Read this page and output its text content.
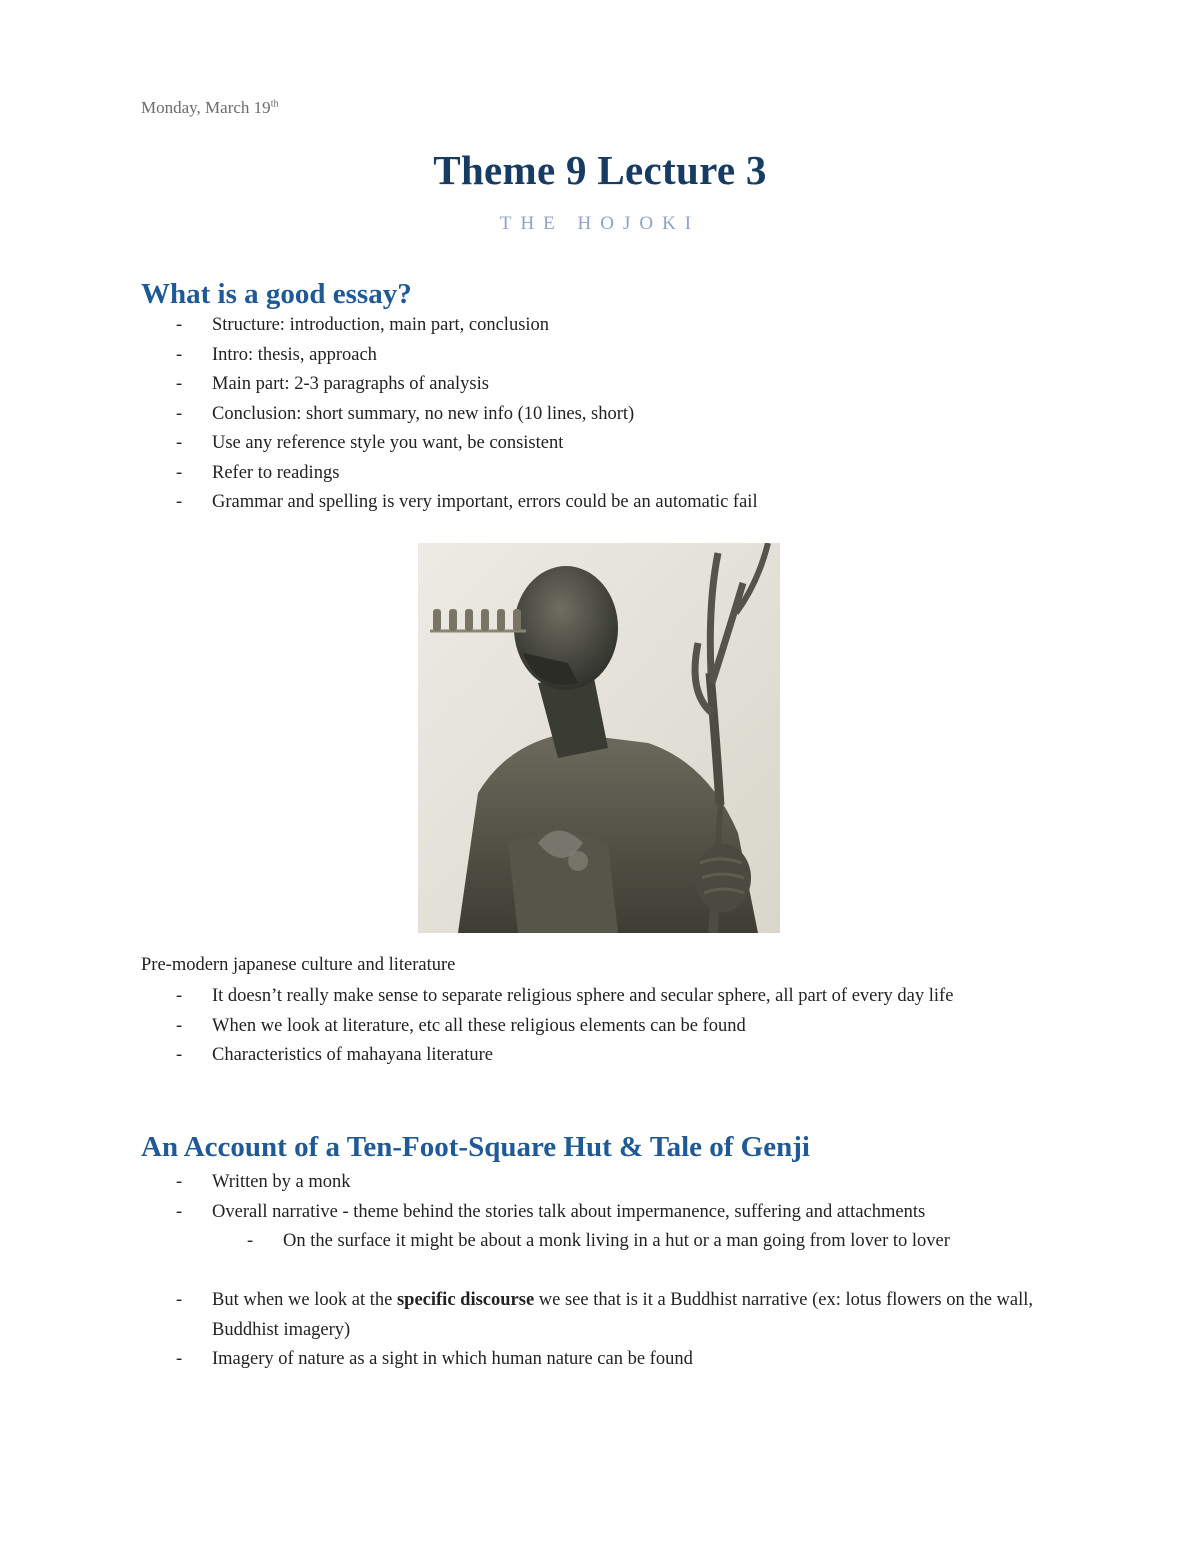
Monday, March 19th
Theme 9 Lecture 3
THE HOJOKI
What is a good essay?
- Structure: introduction, main part, conclusion
- Intro: thesis, approach
- Main part: 2-3 paragraphs of analysis
- Conclusion: short summary, no new info (10 lines, short)
- Use any reference style you want, be consistent
- Refer to readings
- Grammar and spelling is very important, errors could be an automatic fail
Pre-modern japanese culture and literature
- It doesn’t really make sense to separate religious sphere and secular sphere, all part of every day life
- When we look at literature, etc all these religious elements can be found
- Characteristics of mahayana literature
An Account of a Ten-Foot-Square Hut & Tale of Genji
- Written by a monk
- Overall narrative - theme behind the stories talk about impermanence, suffering and attachments
- On the surface it might be about a monk living in a hut or a man going from lover to lover
- But when we look at the specific discourse we see that is it a Buddhist narrative (ex: lotus flowers on the wall, Buddhist imagery)
- Imagery of nature as a sight in which human nature can be found
